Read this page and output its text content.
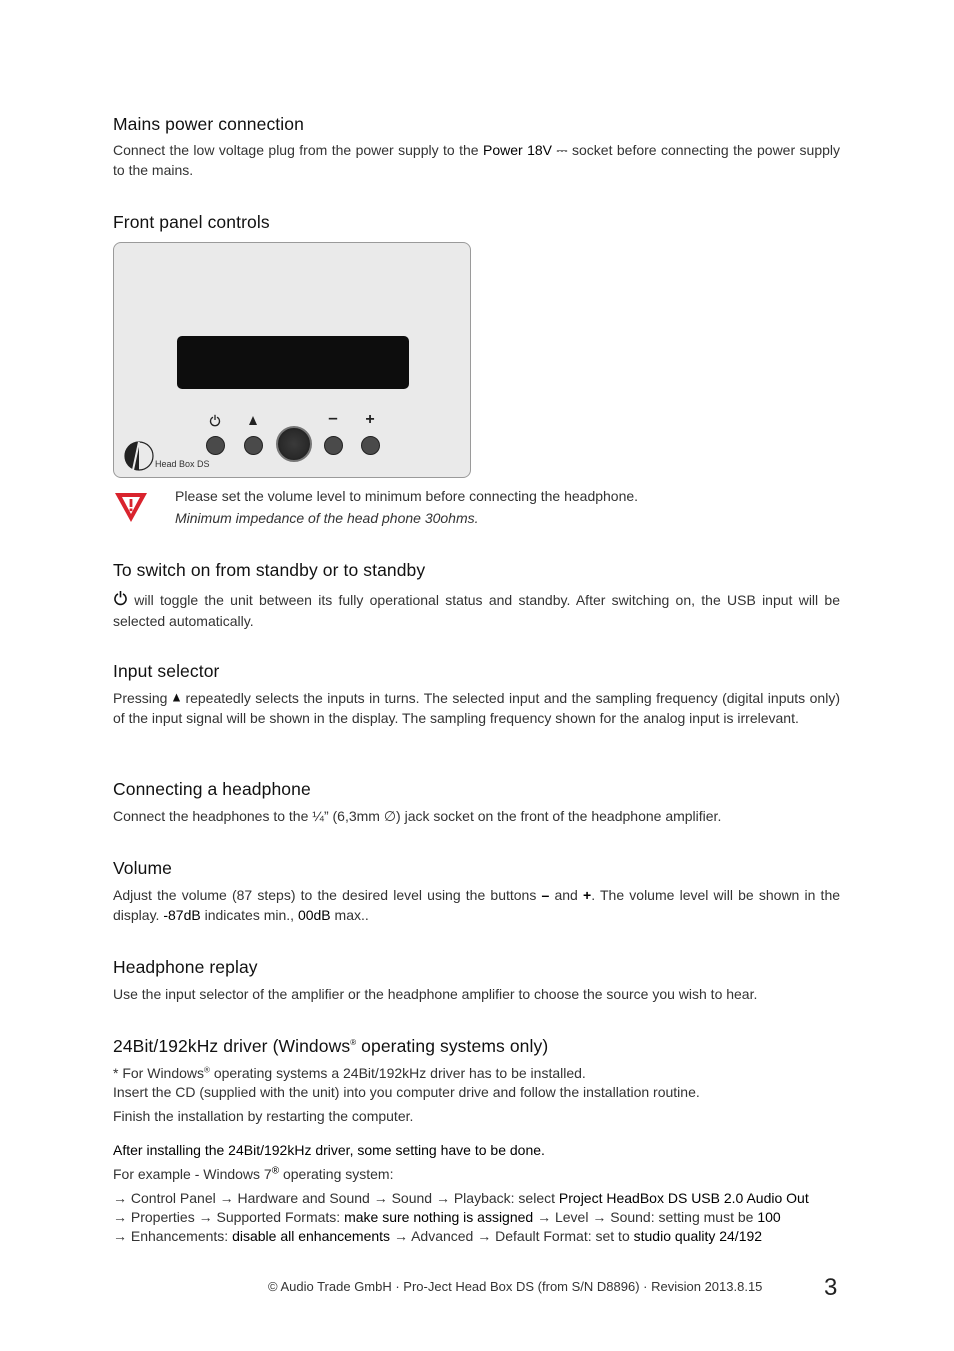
Mains power connection

Connect the low voltage plug from the power supply to the Power 18V ⎓ socket before connecting the power supply to the mains.

Front panel controls
–	+
Head Box DS

Please set the volume level to minimum before connecting the headphone.

Minimum impedance of the head phone 30ohms.

To switch on from standby or to standby

will toggle the unit between its fully operational status and standby. After switching on, the USB input will be selected automatically.

Input selector

Pressing repeatedly selects the inputs in turns. The selected input and the sampling frequency (digital inputs only) of the input signal will be shown in the display. The sampling frequency shown for the analog input is irrelevant.

Connecting a headphone

Connect the headphones to the ¼” (6,3mm ∅) jack socket on the front of the headphone amplifier.

Volume

Adjust the volume (87 steps) to the desired level using the buttons – and +. The volume level will be shown in the display. -87dB indicates min., 00dB max..

Headphone replay

Use the input selector of the amplifier or the headphone amplifier to choose the source you wish to hear.

24Bit/192kHz driver (Windows® operating systems only)

* For Windows® operating systems a 24Bit/192kHz driver has to be installed.

Insert the CD (supplied with the unit) into you computer drive and follow the installation routine.

Finish the installation by restarting the computer.

After installing the 24Bit/192kHz driver, some setting have to be done.

For example - Windows 7® operating system:

→ Control Panel → Hardware and Sound → Sound → Playback: select Project HeadBox DS USB 2.0 Audio Out

→ Properties → Supported Formats: make sure nothing is assigned → Level → Sound: setting must be 100

→ Enhancements: disable all enhancements → Advanced → Default Format: set to studio quality 24/192

© Audio Trade GmbH · Pro-Ject Head Box DS (from S/N D8896) · Revision 2013.8.15	3
